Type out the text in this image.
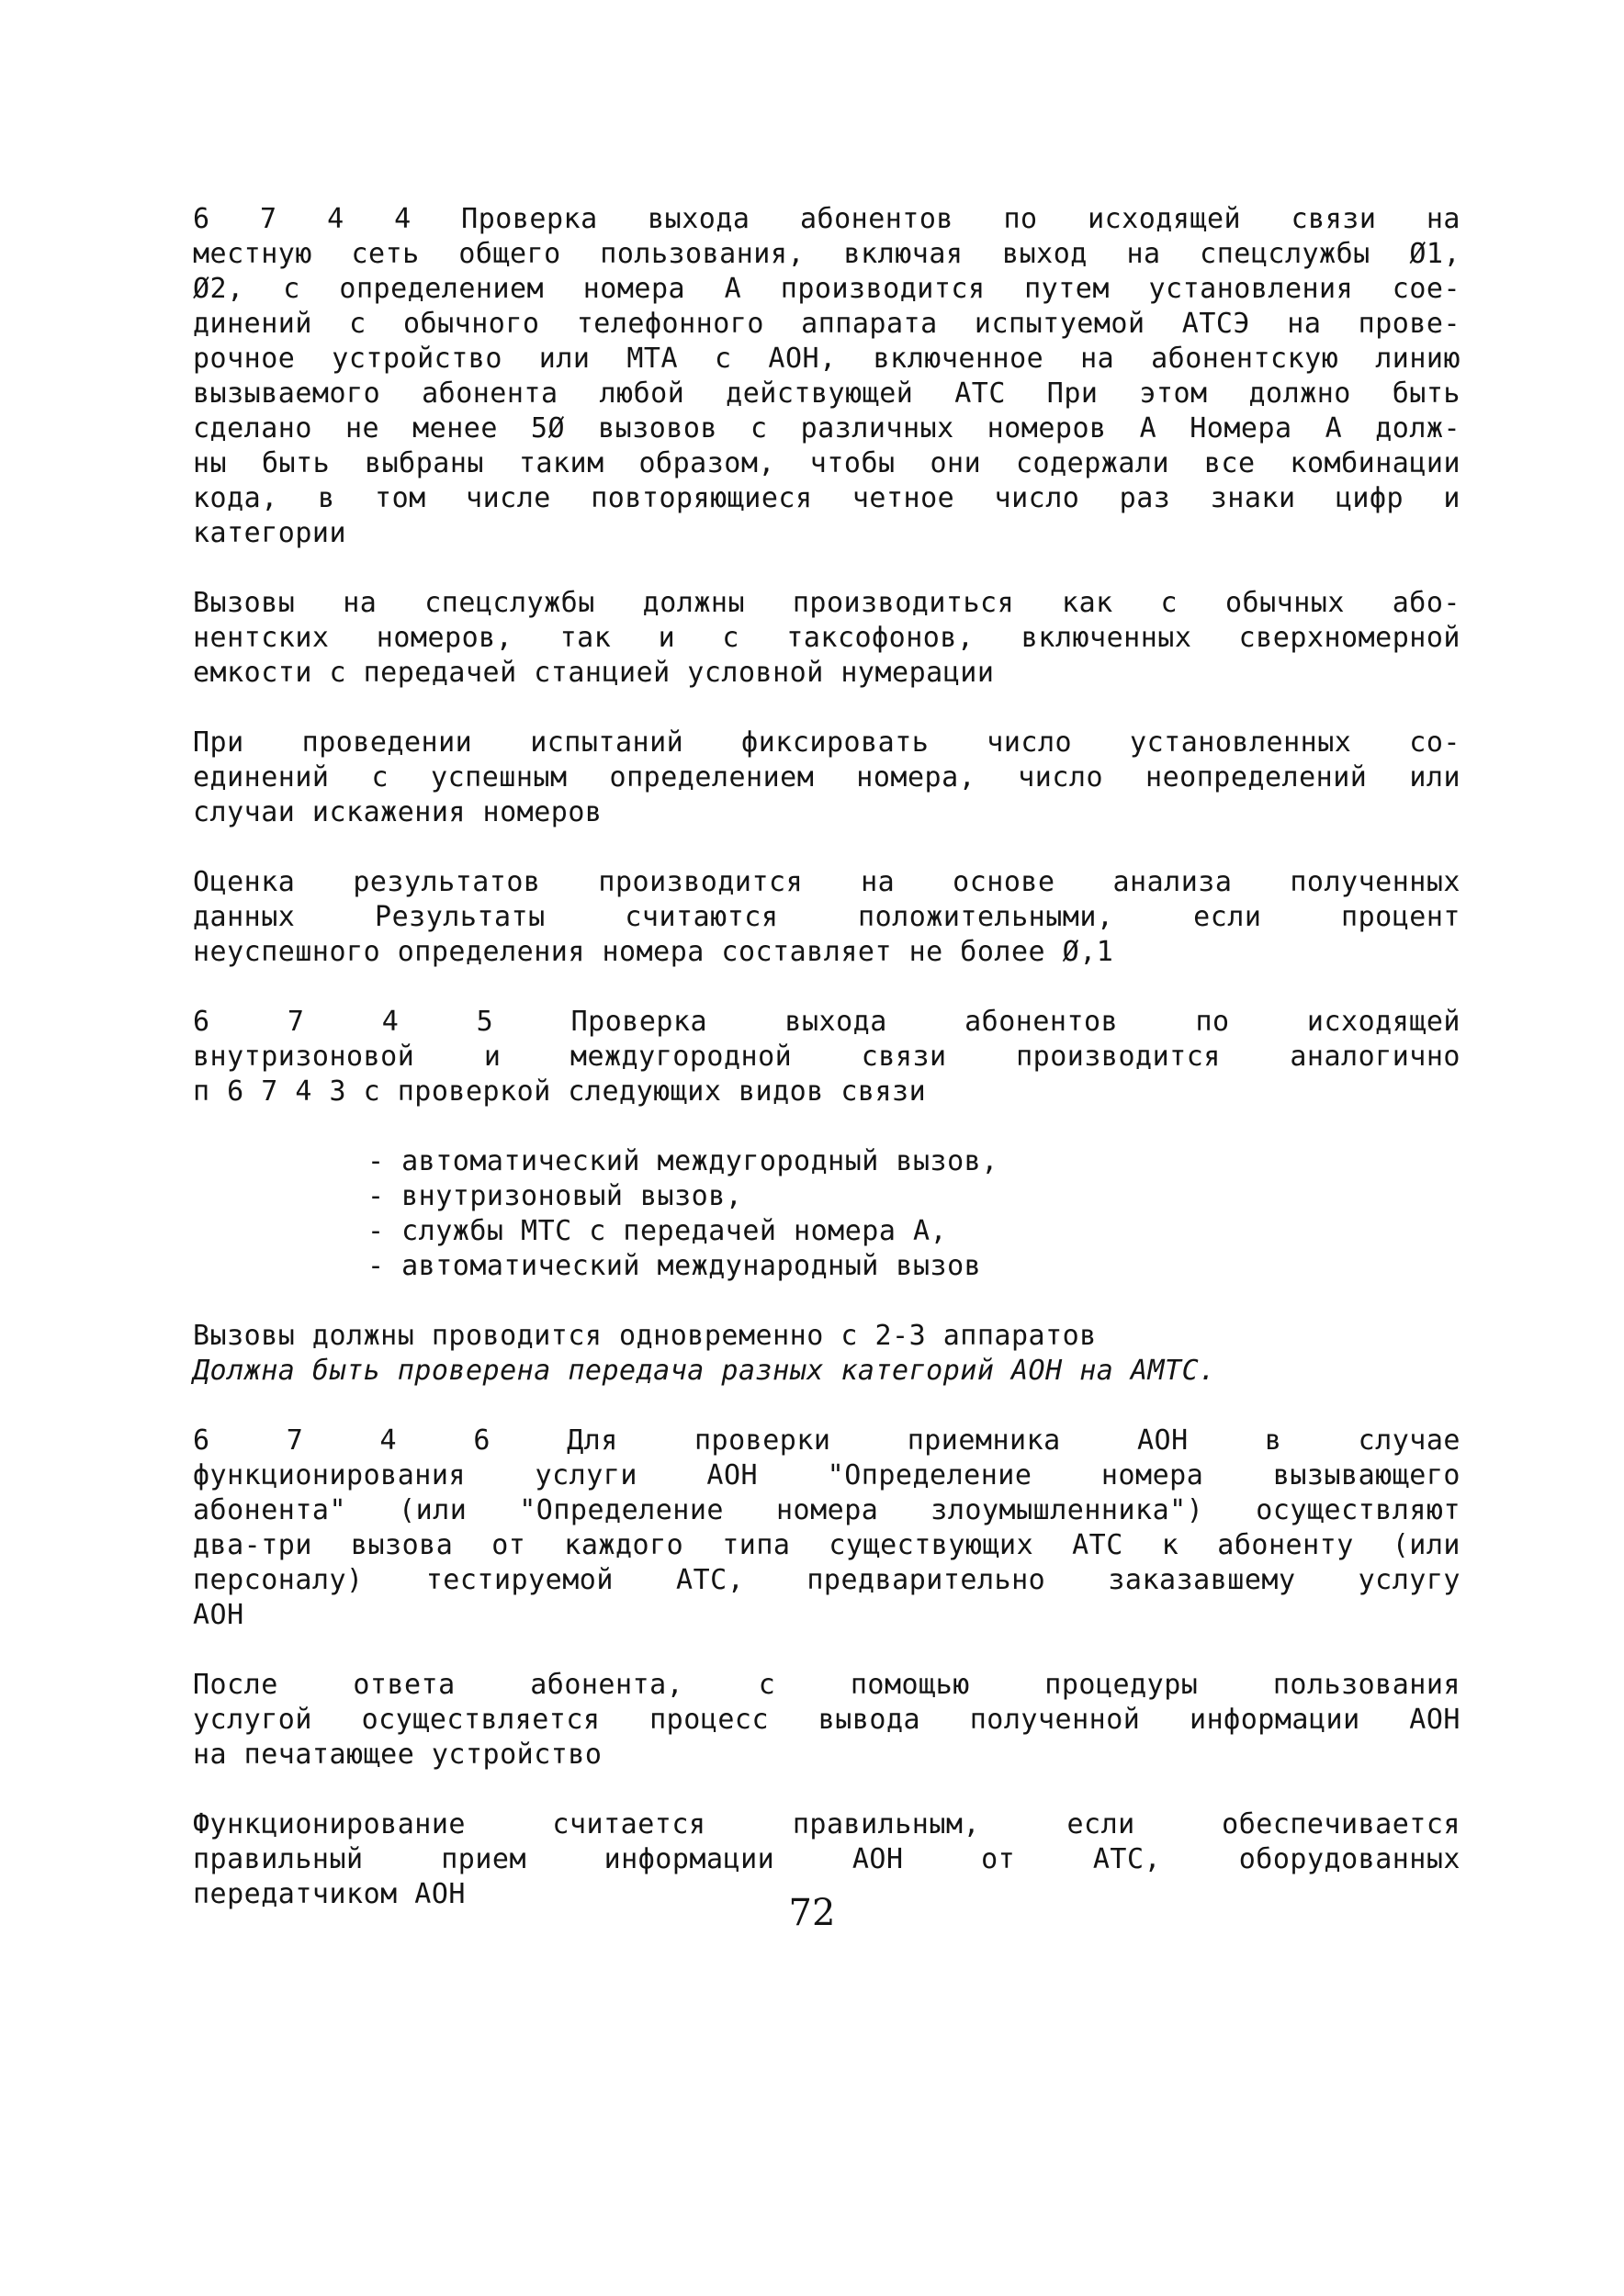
6 7 4 4 Проверка выхода абонентов по исходящей связи на
местную сеть общего пользования, включая выход на спецслужбы Ø1,
Ø2, с определением номера А производится путем установления сое-
динений с обычного телефонного аппарата испытуемой АТСЭ на прове-
рочное устройство или МТА с АОН, включенное на абонентскую линию
вызываемого абонента любой действующей АТС При этом должно быть
сделано не менее 5Ø вызовов с различных номеров А Номера А долж-
ны быть выбраны таким образом, чтобы они содержали все комбинации
кода, в том числе повторяющиеся четное число раз знаки цифр и
категории

Вызовы на спецслужбы должны производиться как с обычных або-
нентских номеров, так и с таксофонов, включенных сверхномерной
емкости с передачей станцией условной нумерации

При проведении испытаний фиксировать число установленных со-
единений с успешным определением номера, число неопределений или
случаи искажения номеров

Оценка результатов производится на основе анализа полученных
данных Результаты считаются положительными, если процент
неуспешного определения номера составляет не более Ø,1

6 7 4 5 Проверка выхода абонентов по исходящей
внутризоновой и междугородной связи производится аналогично
п 6 7 4 3 с проверкой следующих видов связи

- автоматический междугородный вызов,
- внутризоновый вызов,
- службы МТС с передачей номера А,
- автоматический международный вызов

Вызовы должны проводится одновременно с 2-3 аппаратов
Должна быть проверена передача разных категорий АОН на АМТС.

6 7 4 6 Для проверки приемника АОН в случае
функционирования услуги АОН "Определение номера вызывающего
абонента" (или "Определение номера злоумышленника") осуществляют
два-три вызова от каждого типа существующих АТС к абоненту (или
персоналу) тестируемой АТС, предварительно заказавшему услугу
АОН

После ответа абонента, с помощью процедуры пользования
услугой осуществляется процесс вывода полученной информации АОН
на печатающее устройство

Функционирование считается правильным, если обеспечивается
правильный прием информации АОН от АТС, оборудованных
передатчиком АОН	72
